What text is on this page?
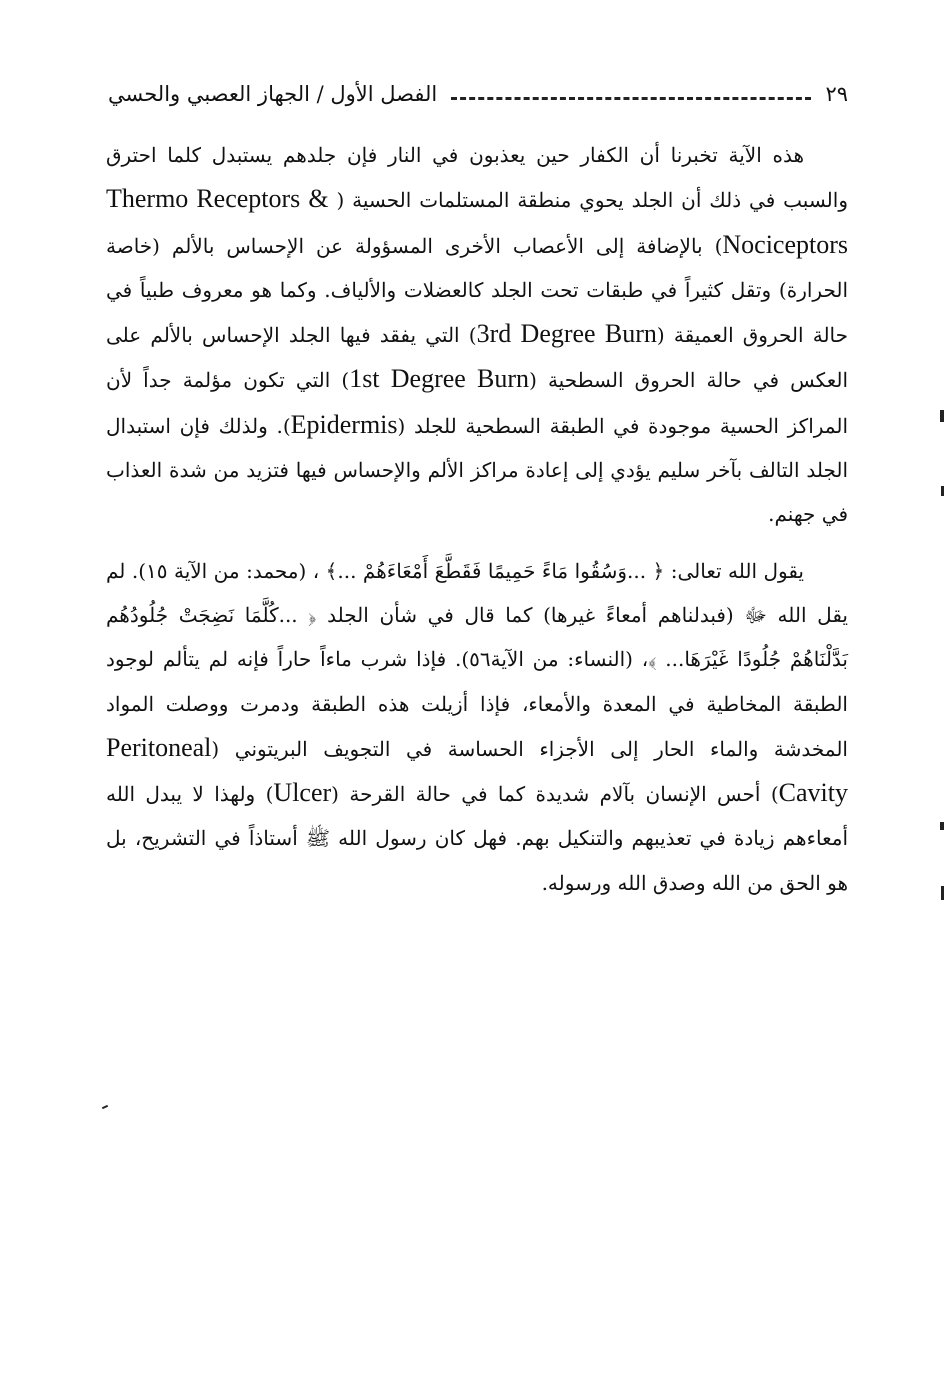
الفصل الأول / الجهاز العصبي والحسي	٢٩

هذه الآية تخبرنا أن الكفار حين يعذبون في النار فإن جلدهم يستبدل كلما احترق والسبب في ذلك أن الجلد يحوي منطقة المستلمات الحسية ( Thermo Receptors & Nociceptors) بالإضافة إلى الأعصاب الأخرى المسؤولة عن الإحساس بالألم (خاصة الحرارة) وتقل كثيراً في طبقات تحت الجلد كالعضلات والألياف. وكما هو معروف طبياً في حالة الحروق العميقة (3rd Degree Burn) التي يفقد فيها الجلد الإحساس بالألم على العكس في حالة الحروق السطحية (1st Degree Burn) التي تكون مؤلمة جداً لأن المراكز الحسية موجودة في الطبقة السطحية للجلد (Epidermis). ولذلك فإن استبدال الجلد التالف بآخر سليم يؤدي إلى إعادة مراكز الألم والإحساس فيها فتزيد من شدة العذاب في جهنم.

يقول الله تعالى: ﴿ ...وَسُقُوا مَاءً حَمِيمًا فَقَطَّعَ أَمْعَاءَهُمْ ...﴾ ، (محمد: من الآية ١٥). لم يقل الله ﷻ (فبدلناهم أمعاءً غيرها) كما قال في شأن الجلد ﴿ ...كُلَّمَا نَضِجَتْ جُلُودُهُم بَدَّلْنَاهُمْ جُلُودًا غَيْرَهَا... ﴾، (النساء: من الآية٥٦). فإذا شرب ماءاً حاراً فإنه لم يتألم لوجود الطبقة المخاطية في المعدة والأمعاء، فإذا أزيلت هذه الطبقة ودمرت ووصلت المواد المخدشة والماء الحار إلى الأجزاء الحساسة في التجويف البريتوني (Peritoneal Cavity) أحس الإنسان بآلام شديدة كما في حالة القرحة (Ulcer) ولهذا لا يبدل الله أمعاءهم زيادة في تعذيبهم والتنكيل بهم. فهل كان رسول الله ﷺ أستاذاً في التشريح، بل هو الحق من الله وصدق الله ورسوله.
